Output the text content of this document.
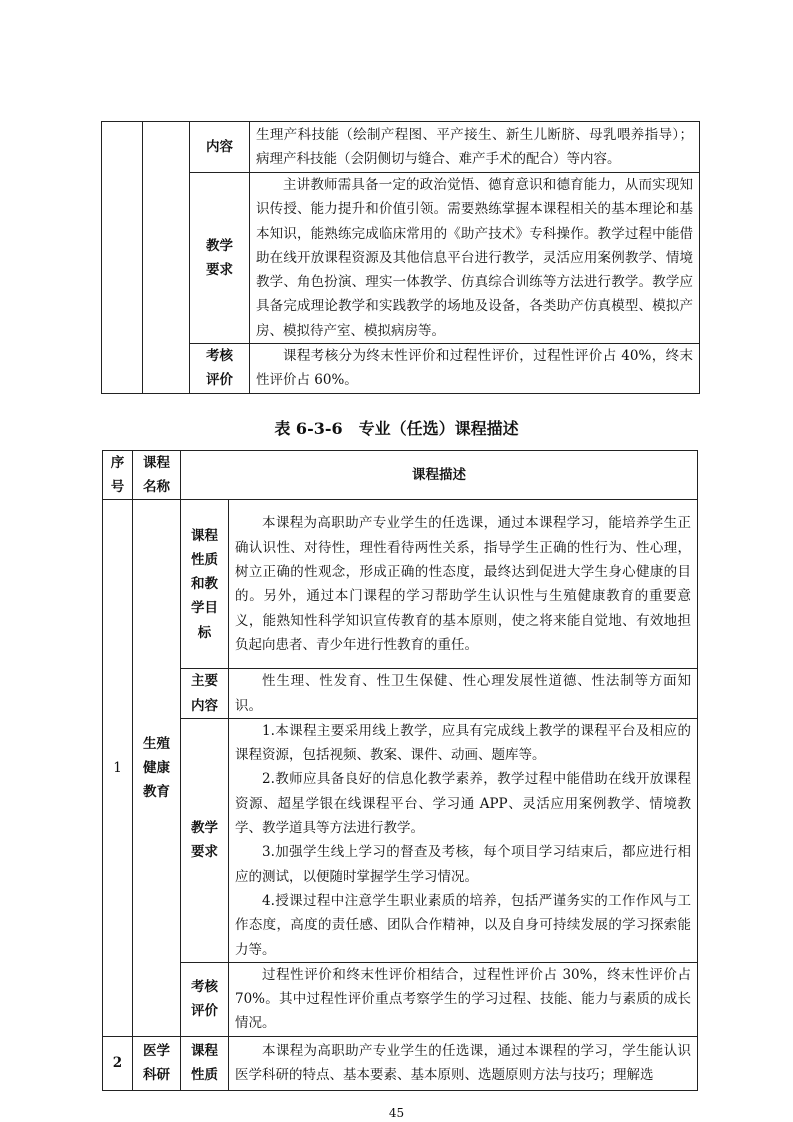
		内容	生理产科技能（绘制产程图、平产接生、新生儿断脐、母乳喂养指导）；病理产科技能（会阴侧切与缝合、难产手术的配合）等内容。

		教学要求	主讲教师需具备一定的政治觉悟、德育意识和德育能力，从而实现知识传授、能力提升和价值引领。需要熟练掌握本课程相关的基本理论和基本知识，能熟练完成临床常用的《助产技术》专科操作。教学过程中能借助在线开放课程资源及其他信息平台进行教学，灵活应用案例教学、情境教学、角色扮演、理实一体教学、仿真综合训练等方法进行教学。教学应具备完成理论教学和实践教学的场地及设备，各类助产仿真模型、模拟产房、模拟待产室、模拟病房等。

		考核评价	课程考核分为终末性评价和过程性评价，过程性评价占 40%，终末性评价占 60%。

表 6-3-6　专业（任选）课程描述
序号	课程名称	课程描述	
1	生殖健康教育	课程性质和教学目标	本课程为高职助产专业学生的任选课，通过本课程学习，能培养学生正确认识性、对待性，理性看待两性关系，指导学生正确的性行为、性心理，树立正确的性观念，形成正确的性态度，最终达到促进大学生身心健康的目的。另外，通过本门课程的学习帮助学生认识性与生殖健康教育的重要意义，能熟知性科学知识宣传教育的基本原则，使之将来能自觉地、有效地担负起向患者、青少年进行性教育的重任。

		主要内容	性生理、性发育、性卫生保健、性心理发展性道德、性法制等方面知识。

		教学要求	1.本课程主要采用线上教学，应具有完成线上教学的课程平台及相应的课程资源，包括视频、教案、课件、动画、题库等。

2.教师应具备良好的信息化教学素养，教学过程中能借助在线开放课程资源、超星学银在线课程平台、学习通 APP、灵活应用案例教学、情境教学、教学道具等方法进行教学。

3.加强学生线上学习的督查及考核，每个项目学习结束后，都应进行相应的测试，以便随时掌握学生学习情况。

4.授课过程中注意学生职业素质的培养，包括严谨务实的工作作风与工作态度，高度的责任感、团队合作精神，以及自身可持续发展的学习探索能力等。

		考核评价	过程性评价和终末性评价相结合，过程性评价占 30%，终末性评价占 70%。其中过程性评价重点考察学生的学习过程、技能、能力与素质的成长情况。

2	医学科研	课程性质	本课程为高职助产专业学生的任选课，通过本课程的学习，学生能认识医学科研的特点、基本要素、基本原则、选题原则方法与技巧；理解选

45
